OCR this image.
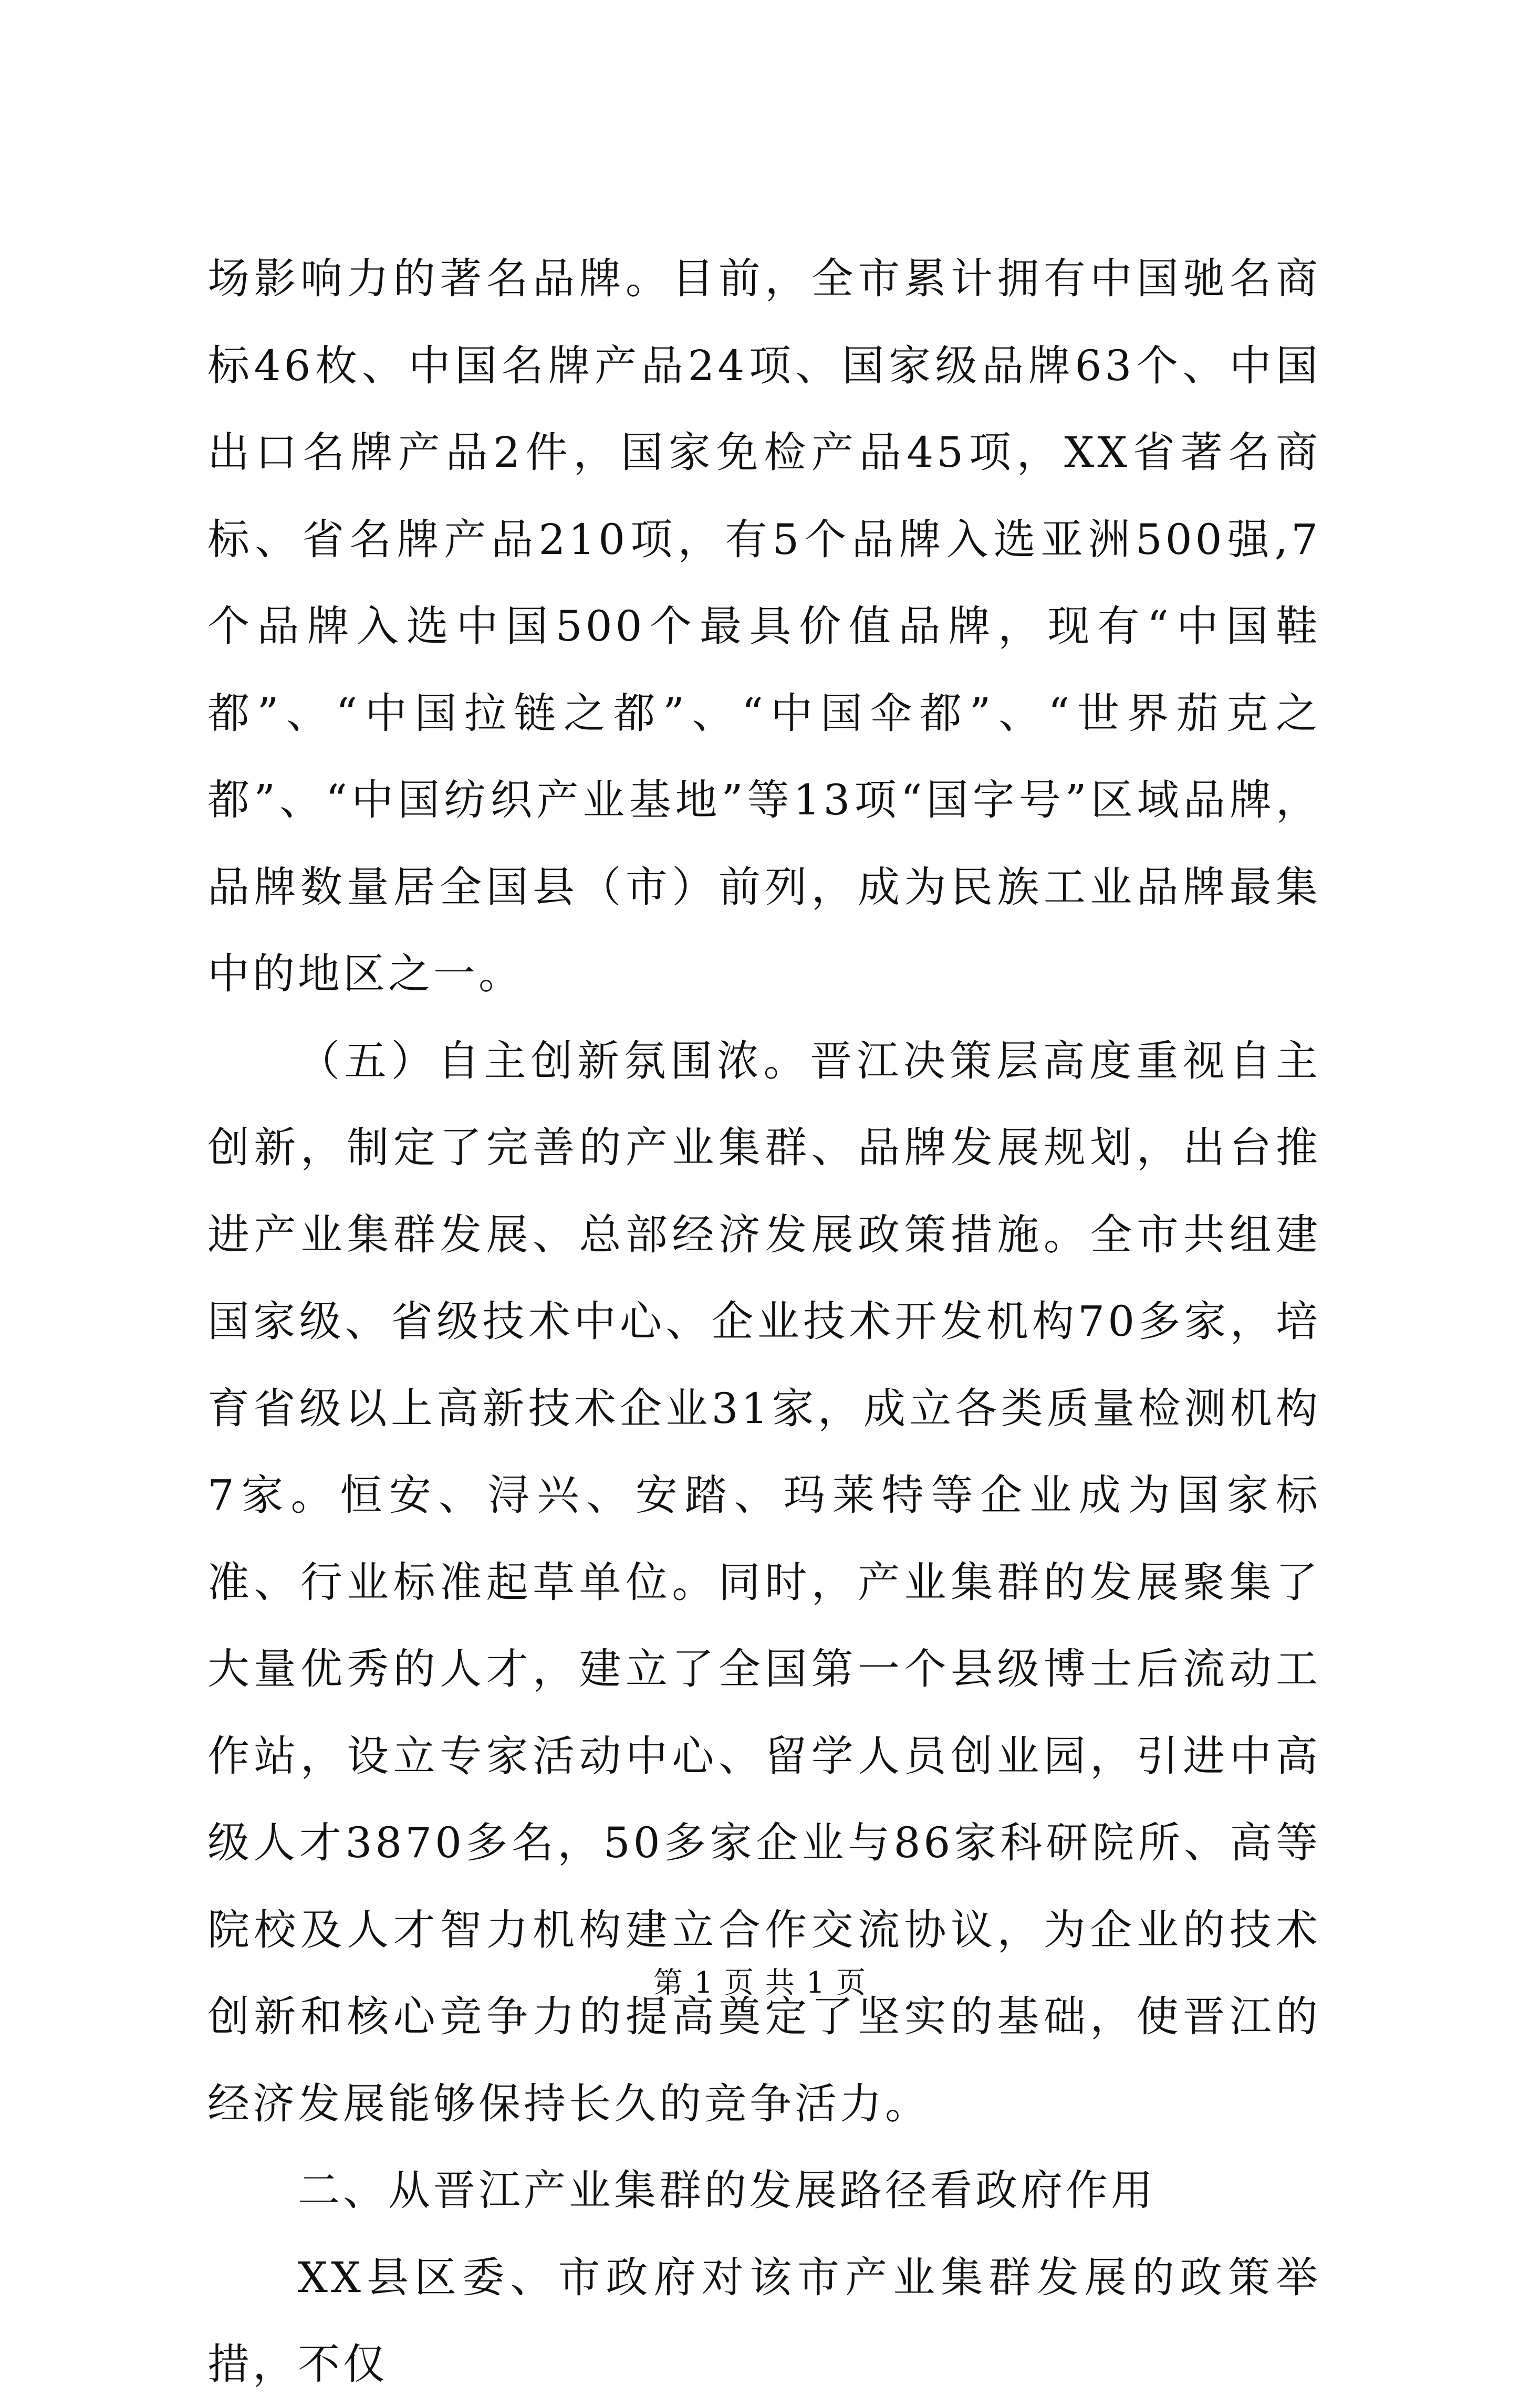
场影响力的著名品牌。目前，全市累计拥有中国驰名商标46枚、中国名牌产品24项、国家级品牌63个、中国出口名牌产品2件，国家免检产品45项，XX省著名商标、省名牌产品210项，有5个品牌入选亚洲500强,7个品牌入选中国500个最具价值品牌，现有“中国鞋都”、“中国拉链之都”、“中国伞都”、“世界茄克之都”、“中国纺织产业基地”等13项“国字号”区域品牌，品牌数量居全国县（市）前列，成为民族工业品牌最集中的地区之一。

（五）自主创新氛围浓。晋江决策层高度重视自主创新，制定了完善的产业集群、品牌发展规划，出台推进产业集群发展、总部经济发展政策措施。全市共组建国家级、省级技术中心、企业技术开发机构70多家，培育省级以上高新技术企业31家，成立各类质量检测机构7家。恒安、浔兴、安踏、玛莱特等企业成为国家标准、行业标准起草单位。同时，产业集群的发展聚集了大量优秀的人才，建立了全国第一个县级博士后流动工作站，设立专家活动中心、留学人员创业园，引进中高级人才3870多名，50多家企业与86家科研院所、高等院校及人才智力机构建立合作交流协议，为企业的技术创新和核心竞争力的提高奠定了坚实的基础，使晋江的经济发展能够保持长久的竞争活力。

二、从晋江产业集群的发展路径看政府作用

XX县区委、市政府对该市产业集群发展的政策举措，不仅

第 1 页 共 1 页
